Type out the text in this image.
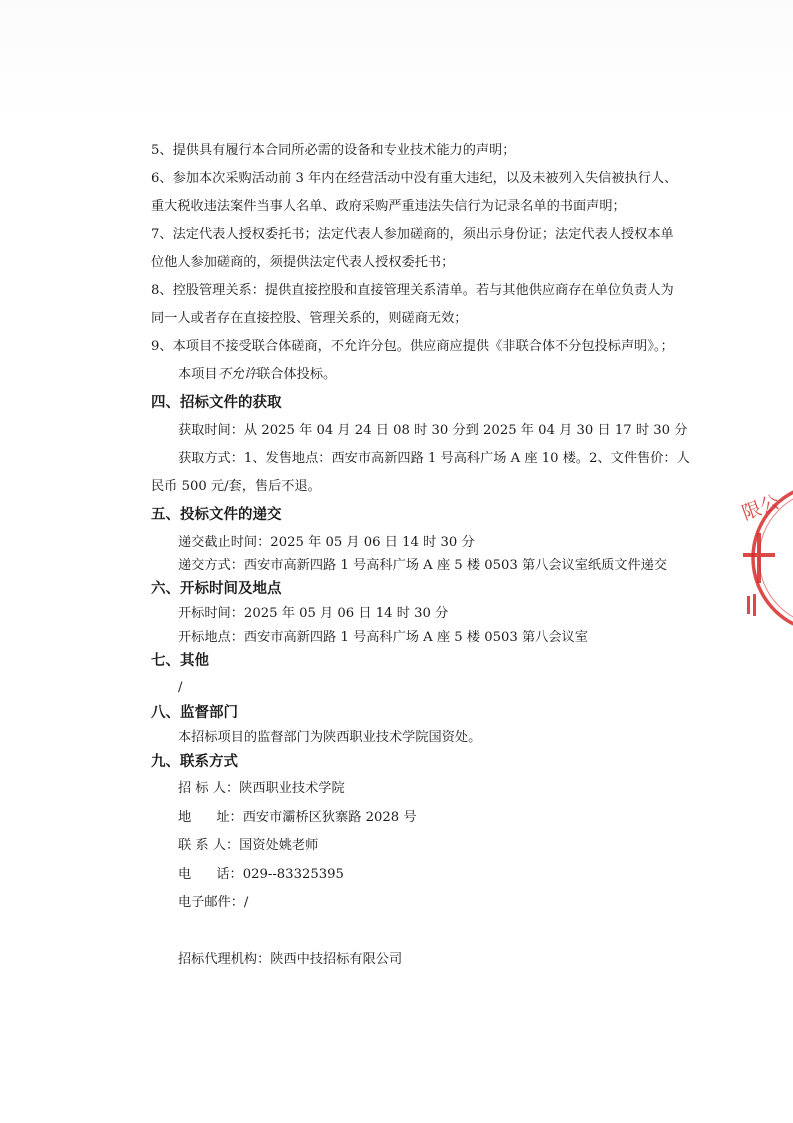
5、提供具有履行本合同所必需的设备和专业技术能力的声明；
6、参加本次采购活动前 3 年内在经营活动中没有重大违纪，以及未被列入失信被执行人、
重大税收违法案件当事人名单、政府采购严重违法失信行为记录名单的书面声明；
7、法定代表人授权委托书；法定代表人参加磋商的，须出示身份证；法定代表人授权本单
位他人参加磋商的，须提供法定代表人授权委托书；
8、控股管理关系：提供直接控股和直接管理关系清单。若与其他供应商存在单位负责人为
同一人或者存在直接控股、管理关系的，则磋商无效；
9、本项目不接受联合体磋商，不允许分包。供应商应提供《非联合体不分包投标声明》。；
本项目不允许联合体投标。
四、招标文件的获取
获取时间：从 2025 年 04 月 24 日 08 时 30 分到 2025 年 04 月 30 日 17 时 30 分
获取方式：1、发售地点：西安市高新四路 1 号高科广场 A 座 10 楼。2、文件售价：人
民币 500 元/套，售后不退。
五、投标文件的递交
递交截止时间：2025 年 05 月 06 日 14 时 30 分
递交方式：西安市高新四路 1 号高科广场 A 座 5 楼 0503 第八会议室纸质文件递交
六、开标时间及地点
开标时间：2025 年 05 月 06 日 14 时 30 分
开标地点：西安市高新四路 1 号高科广场 A 座 5 楼 0503 第八会议室
七、其他
/
八、监督部门
本招标项目的监督部门为陕西职业技术学院国资处。
九、联系方式
招 标 人：陕西职业技术学院
地      址：西安市灞桥区狄寨路 2028 号
联 系 人：国资处姚老师
电      话：029--83325395
电子邮件：/
招标代理机构：陕西中技招标有限公司
限公
